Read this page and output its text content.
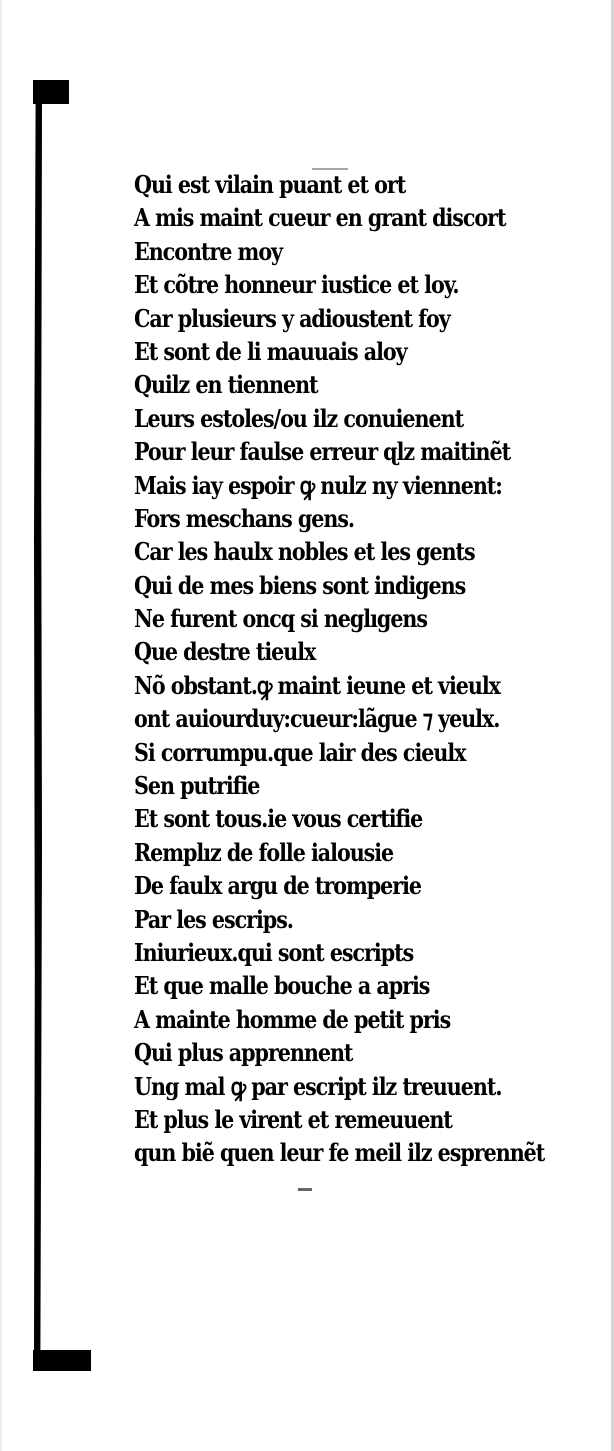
Qui est vilain puant et ort
A mis maint cueur en grant discort
Encontre moy
Et cõtre honneur iustice et loy.
Car plusieurs y adioustent foy
Et sont de li mauuais aloy
Quilz en tiennent
Leurs estoles/ou ilz conuienent
Pour leur faulse erreur ɋlz maitinẽt
Mais iay espoir ꝙ nulz ny viennent:
Fors meschans gens.
Car les haulx nobles et les gents
Qui de mes biens sont indigens
Ne furent oncq si neglıgens
Que destre tieulx
Nõ obstant.ꝙ maint ieune et vieulx
ont auiourduy:cueur:lãgue ⁊ yeulx.
Si corrumpu.que lair des cieulx
Sen putrifie
Et sont tous.ie vous certifie
Remplız de folle ialousie
De faulx argu de tromperie
Par les escrips.
Iniurieux.qui sont escripts
Et que malle bouche a apris
A mainte homme de petit pris
Qui plus apprennent
Ung mal ꝙ par escript ilz treuuent.
Et plus le virent et remeuuent
qun biẽ quen leur fe meil ilz esprennẽt
